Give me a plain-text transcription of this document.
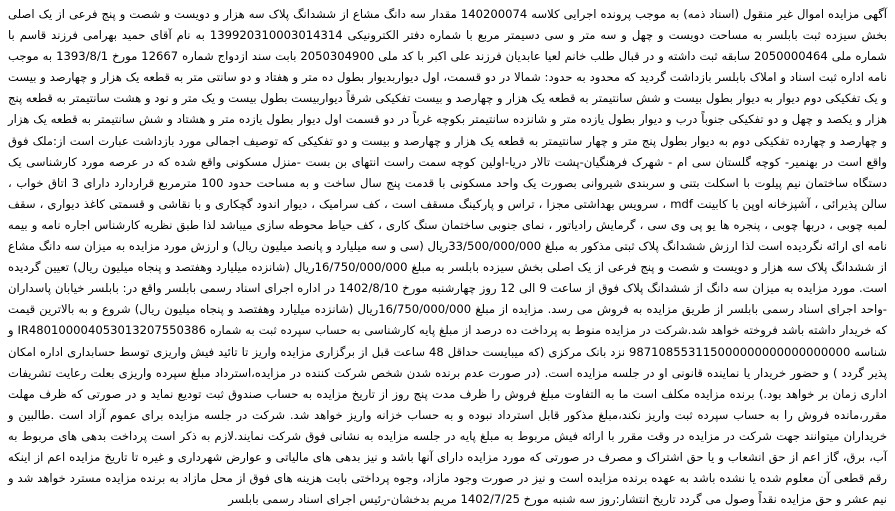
آگهی مزایده اموال غیر منقول (اسناد ذمه) به موجب پرونده اجرایی کلاسه 140200074 مقدار سه دانگ مشاع از ششدانگ پلاک سه هزار و دویست و شصت و پنج فرعی از یک اصلی بخش سیزده ثبت بابلسر به مساحت دویست و چهل و سه متر و سی دسیمتر مربع با شماره دفتر الکترونیکی 139920310003014314 به نام آقای حمید بهرامی فرزند قاسم با شماره ملی 2050000464 سابقه ثبت داشته و در قبال طلب خانم لعیا عابدیان فرزند علی اکبر با کد ملی 2050304900 بابت سند ازدواج شماره 12667 مورخ 1393/8/1 به موجب نامه اداره ثبت اسناد و املاک بابلسر بازداشت گردید که محدود به حدود: شمالا در دو قسمت، اول دیواربدیوار بطول ده متر و هفتاد و دو سانتی متر به قطعه یک هزار و چهارصد و بیست و یک تفکیکی دوم دیوار به دیوار بطول بیست و شش سانتیمتر به قطعه یک هزار و چهارصد و بیست تفکیکی شرقاً دیواربیست بطول بیست و یک متر و نود و هشت سانتیمتر به قطعه پنج هزار و یکصد و چهل و دو تفکیکی جنوباً درب و دیوار بطول یازده متر و شانزده سانتیمتر بکوچه غرباً در دو قسمت اول دیوار بطول یازده متر و هشتاد و شش سانتیمتر به قطعه یک هزار و چهارصد و چهارده تفکیکی دوم به دیوار بطول پنج متر و چهار سانتیمتر به قطعه یک هزار و چهارصد و بیست و دو تفکیکی که توصیف اجمالی مورد بازداشت عبارت است از:ملک فوق واقع است در بهنمیر- کوچه گلستان سی ام - شهرک فرهنگیان-پشت تالار دریا-اولین کوچه سمت راست انتهای بن بست -منزل مسکونی واقع شده که در عرصه مورد کارشناسی یک دستگاه ساختمان نیم پیلوت با اسکلت بتنی و سربندی شیروانی بصورت یک واحد مسکونی با قدمت پنج سال ساخت و به مساحت حدود 100 مترمربع قراردارد دارای 3 اتاق خواب ، سالن پذیرائی ، آشپزخانه اوپن با کابینت mdf ، سرویس بهداشتی مجزا ، تراس و پارکینگ مسقف است ، کف سرامیک ، دیوار اندود گچکاری و با نقاشی و قسمتی کاغذ دیواری ، سقف لمبه چوبی ، دربها چوبی ، پنجره ها یو پی وی سی ، گرمایش رادیاتور ، نمای جنوبی ساختمان سنگ کاری ، کف حیاط محوطه سازی میباشد لذا طبق نظریه کارشناس اجاره نامه و بیمه نامه ای ارائه نگردیده است لذا ارزش ششدانگ پلاک ثبتی مذکور به مبلغ 33/500/000/000ریال (سی و سه میلیارد و پانصد میلیون ریال) و ارزش مورد مزایده به میزان سه دانگ مشاع از ششدانگ پلاک سه هزار و دویست و شصت و پنج فرعی از یک اصلی بخش سیزده بابلسر به مبلغ 16/750/000/000ریال (شانزده میلیارد وهفتصد و پنجاه میلیون ریال) تعیین گردیده است. مورد مزایده به میزان سه دانگ از ششدانگ پلاک فوق از ساعت 9 الی 12 روز چهارشنبه مورخ 1402/8/10 در اداره اجرای اسناد رسمی بابلسر واقع در: بابلسر خیابان پاسداران -واحد اجرای اسناد رسمی بابلسر از طریق مزایده به فروش می رسد. مزایده از مبلغ 16/750/000/000ریال (شانزده میلیارد وهفتصد و پنجاه میلیون ریال) شروع و به بالاترین قیمت که خریدار داشته باشد فروخته خواهد شد.شرکت در مزایده منوط به پرداخت ده درصد از مبلغ پایه کارشناسی به حساب سپرده ثبت به شماره IR480100004053013207550386 و شناسه 987108553115000000000000000000 نزد بانک مرکزی (که میبایست حداقل 48 ساعت قبل از برگزاری مزایده واریز تا تائید فیش واریزی توسط حسابداری اداره امکان پذیر گردد ) و حضور خریدار یا نماینده قانونی او در جلسه مزایده است. (در صورت عدم برنده شدن شخص شرکت کننده در مزایده،استرداد مبلغ سپرده واریزی بعلت رعایت تشریفات اداری زمان بر خواهد بود.) برنده مزایده مکلف است ما به التفاوت مبلغ فروش را ظرف مدت پنج روز از تاریخ مزایده به حساب صندوق ثبت تودیع نماید و در صورتی که ظرف مهلت مقرر،مانده فروش را به حساب سپرده ثبت واریز نکند،مبلغ مذکور قابل استرداد نبوده و به حساب خزانه واریز خواهد شد. شرکت در جلسه مزایده برای عموم آزاد است .طالبین و خریداران میتوانند جهت شرکت در مزایده در وقت مقرر با ارائه فیش مربوط به مبلغ پایه در جلسه مزایده به نشانی فوق شرکت نمایند.لازم به ذکر است پرداخت بدهی های مربوط به آب، برق، گاز اعم از حق انشعاب و یا حق اشتراک و مصرف در صورتی که مورد مزایده دارای آنها باشد و نیز بدهی های مالیاتی و عوارض شهرداری و غیره تا تاریخ مزایده اعم از اینکه رقم قطعی آن معلوم شده یا نشده باشد به عهده برنده مزایده است و نیز در صورت وجود مازاد، وجوه پرداختی بابت هزینه های فوق از محل مازاد به برنده مزایده مسترد خواهد شد و نیم عشر و حق مزایده نقداً وصول می گردد تاریخ انتشار:روز سه شنبه مورخ 1402/7/25 مریم بدخشان-رئیس اجرای اسناد رسمی بابلسر
